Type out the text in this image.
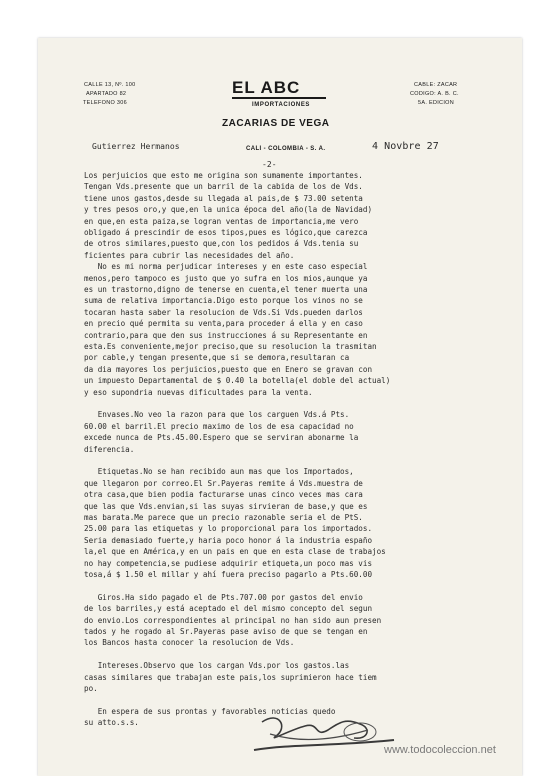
CALLE 13, Nº. 100
APARTADO 82
TELEFONO 306
EL ABC
IMPORTACIONES
ZACARIAS DE VEGA
CABLE: ZACAR
CODIGO: A. B. C.
5A. EDICION
CALI - COLOMBIA - S. A.
Gutierrez Hermanos	4 Novbre 27
-2-
Los perjuicios que esto me origina son sumamente importantes.
Tengan Vds.presente que un barril de la cabida de los de Vds.
tiene unos gastos,desde su llegada al pais,de $ 73.00 setenta
y tres pesos oro,y que,en la unica época del año(la de Navidad)
en que,en esta paiza,se logran ventas de importancia,me vero
obligado á prescindir de esos tipos,pues es lógico,que carezca
de otros similares,puesto que,con los pedidos á Vds.tenia su
ficientes para cubrir las necesidades del año.
No es mi norma perjudicar intereses y en este caso especial
menos,pero tampoco es justo que yo sufra en los mios,aunque ya
es un trastorno,digno de tenerse en cuenta,el tener muerta una
suma de relativa importancia.Digo esto porque los vinos no se
tocaran hasta saber la resolucion de Vds.Si Vds.pueden darlos
en precio qué permita su venta,para proceder á ella y en caso
contrario,para que den sus instrucciones á su Representante en
esta.Es conveniente,mejor preciso,que su resolucion la trasmitan
por cable,y tengan presente,que si se demora,resultaran ca
da dia mayores los perjuicios,puesto que en Enero se gravan con
un impuesto Departamental de $ 0.40 la botella(el doble del actual)
y eso supondria nuevas dificultades para la venta.
Envases.No veo la razon para que los carguen Vds.á Pts.
60.00 el barril.El precio maximo de los de esa capacidad no
excede nunca de Pts.45.00.Espero que se serviran abonarme la
diferencia.
Etiquetas.No se han recibido aun mas que los Importados,
que llegaron por correo.El Sr.Payeras remite á Vds.muestra de
otra casa,que bien podia facturarse unas cinco veces mas cara
que las que Vds.envian,si las suyas sirvieran de base,y que es
mas barata.Me parece que un precio razonable seria el de PtS.
25.00 para las etiquetas y lo proporcional para los importados.
Seria demasiado fuerte,y haria poco honor á la industria españo
la,el que en América,y en un pais en que en esta clase de trabajos
no hay competencia,se pudiese adquirir etiqueta,un poco mas vis
tosa,á $ 1.50 el millar y ahí fuera preciso pagarlo a Pts.60.00
Giros.Ha sido pagado el de Pts.707.00 por gastos del envio
de los barriles,y está aceptado el del mismo concepto del segun
do envio.Los correspondientes al principal no han sido aun presen
tados y he rogado al Sr.Payeras pase aviso de que se tengan en
los Bancos hasta conocer la resolucion de Vds.
Intereses.Observo que los cargan Vds.por los gastos.las
casas similares que trabajan este pais,los suprimieron hace tiem
po.
En espera de sus prontas y favorables noticias quedo
su atto.s.s.
www.todocoleccion.net
